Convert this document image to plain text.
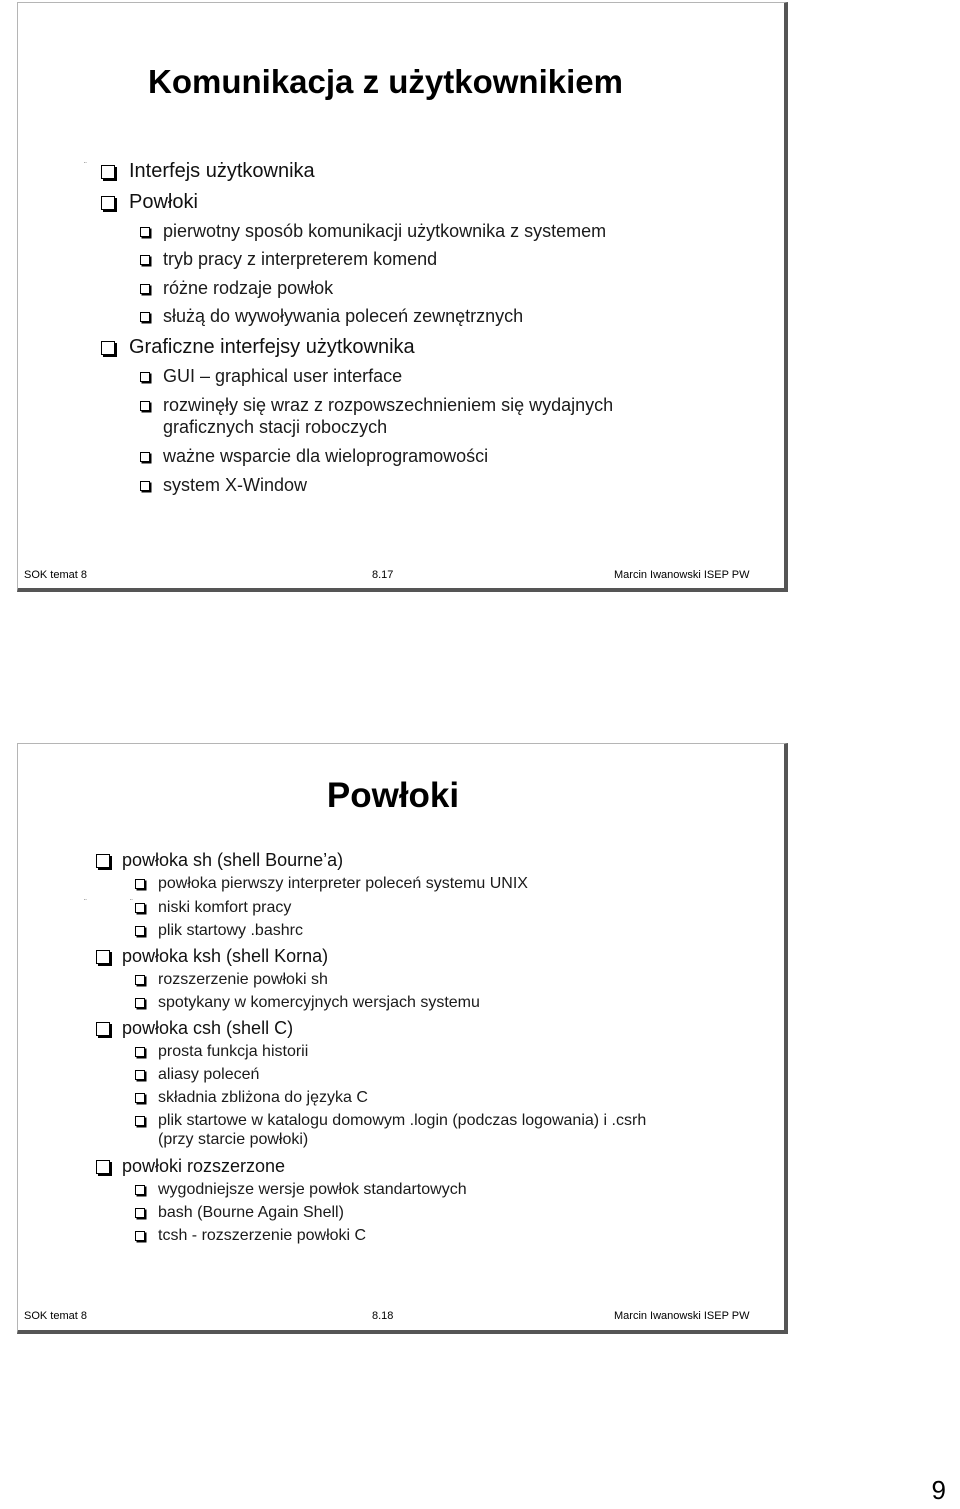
Komunikacja z użytkownikiem
¨ Interfejs użytkownika
Powłoki
pierwotny sposób komunikacji użytkownika z systemem
tryb pracy z interpreterem komend
różne rodzaje powłok
służą do wywoływania poleceń zewnętrznych
Graficzne interfejsy użytkownika
GUI – graphical user interface
rozwinęły się wraz z rozpowszechnieniem się wydajnych
graficznych stacji roboczych
ważne wsparcie dla wieloprogramowości
system X-Window
SOK temat 8	8.17	Marcin Iwanowski ISEP PW
Powłoki
¨	¨
powłoka sh (shell Bourne’a)
powłoka pierwszy interpreter poleceń systemu UNIX
niski komfort pracy
plik startowy .bashrc
powłoka ksh (shell Korna)
rozszerzenie powłoki sh
spotykany w komercyjnych wersjach systemu
powłoka csh (shell C)
prosta funkcja historii
aliasy poleceń
składnia zbliżona do języka C
plik startowe w katalogu domowym .login (podczas logowania) i .csrh
(przy starcie powłoki)
powłoki rozszerzone
wygodniejsze wersje powłok standartowych
bash (Bourne Again Shell)
tcsh - rozszerzenie powłoki C
SOK temat 8	8.18	Marcin Iwanowski ISEP PW
9
